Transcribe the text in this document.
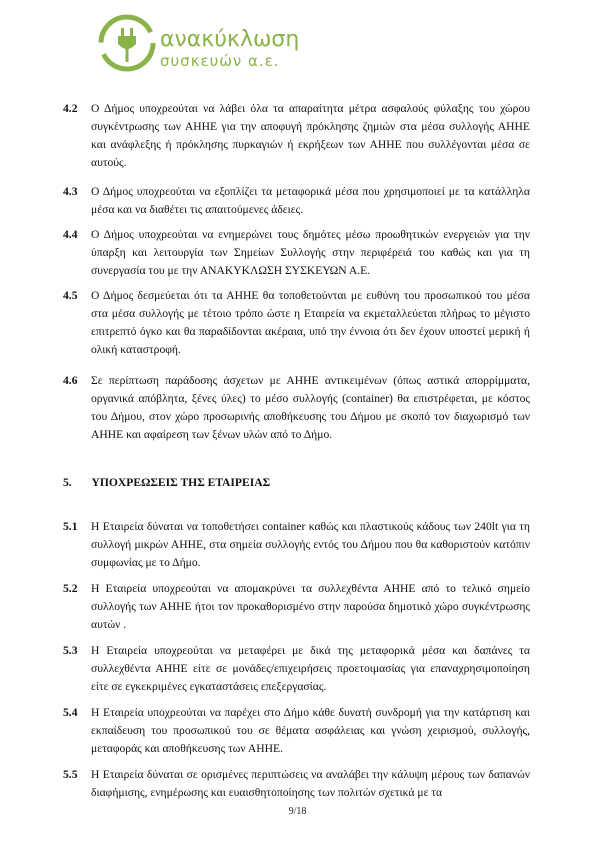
ανακύκλωση
συσκευών α.ε.
4.2	Ο Δήμος υποχρεούται να λάβει όλα τα απαραίτητα μέτρα ασφαλούς φύλαξης του χώρου συγκέντρωσης των ΑΗΗΕ για την αποφυγή πρόκλησης ζημιών στα μέσα συλλογής ΑΗΗΕ και ανάφλεξης ή πρόκλησης πυρκαγιών ή εκρήξεων των ΑΗΗΕ που συλλέγονται μέσα σε αυτούς.
4.3	Ο Δήμος υποχρεούται να εξοπλίζει τα μεταφορικά μέσα που χρησιμοποιεί με τα κατάλληλα μέσα και να διαθέτει τις απαιτούμενες άδειες.
4.4	Ο Δήμος υποχρεούται να ενημερώνει τους δημότες μέσω προωθητικών ενεργειών για την ύπαρξη και λειτουργία των Σημείων Συλλογής στην περιφέρειά του καθώς και για τη συνεργασία του με την ΑΝΑΚΥΚΛΩΣΗ ΣΥΣΚΕΥΩΝ Α.Ε.
4.5	Ο Δήμος δεσμεύεται ότι τα ΑΗΗΕ θα τοποθετούνται με ευθύνη του προσωπικού του μέσα στα μέσα συλλογής με τέτοιο τρόπο ώστε η Εταιρεία να εκμεταλλεύεται πλήρως το μέγιστο επιτρεπτό όγκο και θα παραδίδονται ακέραια, υπό την έννοια ότι δεν έχουν υποστεί μερική ή ολική καταστροφή.
4.6	Σε περίπτωση παράδοσης άσχετων με ΑΗΗΕ αντικειμένων (όπως αστικά απορρίμματα, οργανικά απόβλητα, ξένες ύλες) το μέσο συλλογής (container) θα επιστρέφεται, με κόστος του Δήμου, στον χώρο προσωρινής αποθήκευσης του Δήμου με σκοπό τον διαχωρισμό των ΑΗΗΕ και αφαίρεση των ξένων υλών από το Δήμο.
5. ΥΠΟΧΡΕΩΣΕΙΣ ΤΗΣ ΕΤΑΙΡΕΙΑΣ
5.1	Η Εταιρεία δύναται να τοποθετήσει container καθώς και πλαστικούς κάδους των 240lt για τη συλλογή μικρών ΑΗΗΕ, στα σημεία συλλογής εντός του Δήμου που θα καθοριστούν κατόπιν συμφωνίας με το Δήμο.
5.2	Η Εταιρεία υποχρεούται να απομακρύνει τα συλλεχθέντα ΑΗΗΕ από το τελικό σημείο συλλογής των ΑΗΗΕ ήτοι τον προκαθορισμένο στην παρούσα δημοτικό χώρο συγκέντρωσης αυτών .
5.3	Η Εταιρεία υποχρεούται να μεταφέρει με δικά της μεταφορικά μέσα και δαπάνες τα συλλεχθέντα ΑΗΗΕ είτε σε μονάδες/επιχειρήσεις προετοιμασίας για επαναχρησιμοποίηση είτε σε εγκεκριμένες εγκαταστάσεις επεξεργασίας.
5.4	Η Εταιρεία υποχρεούται να παρέχει στο Δήμο κάθε δυνατή συνδρομή για την κατάρτιση και εκπαίδευση του προσωπικού του σε θέματα ασφάλειας και γνώση χειρισμού, συλλογής, μεταφοράς και αποθήκευσης των ΑΗΗΕ.
5.5	Η Εταιρεία δύναται σε ορισμένες περιπτώσεις να αναλάβει την κάλυψη μέρους των δαπανών διαφήμισης, ενημέρωσης και ευαισθητοποίησης των πολιτών σχετικά με τα
9/18
